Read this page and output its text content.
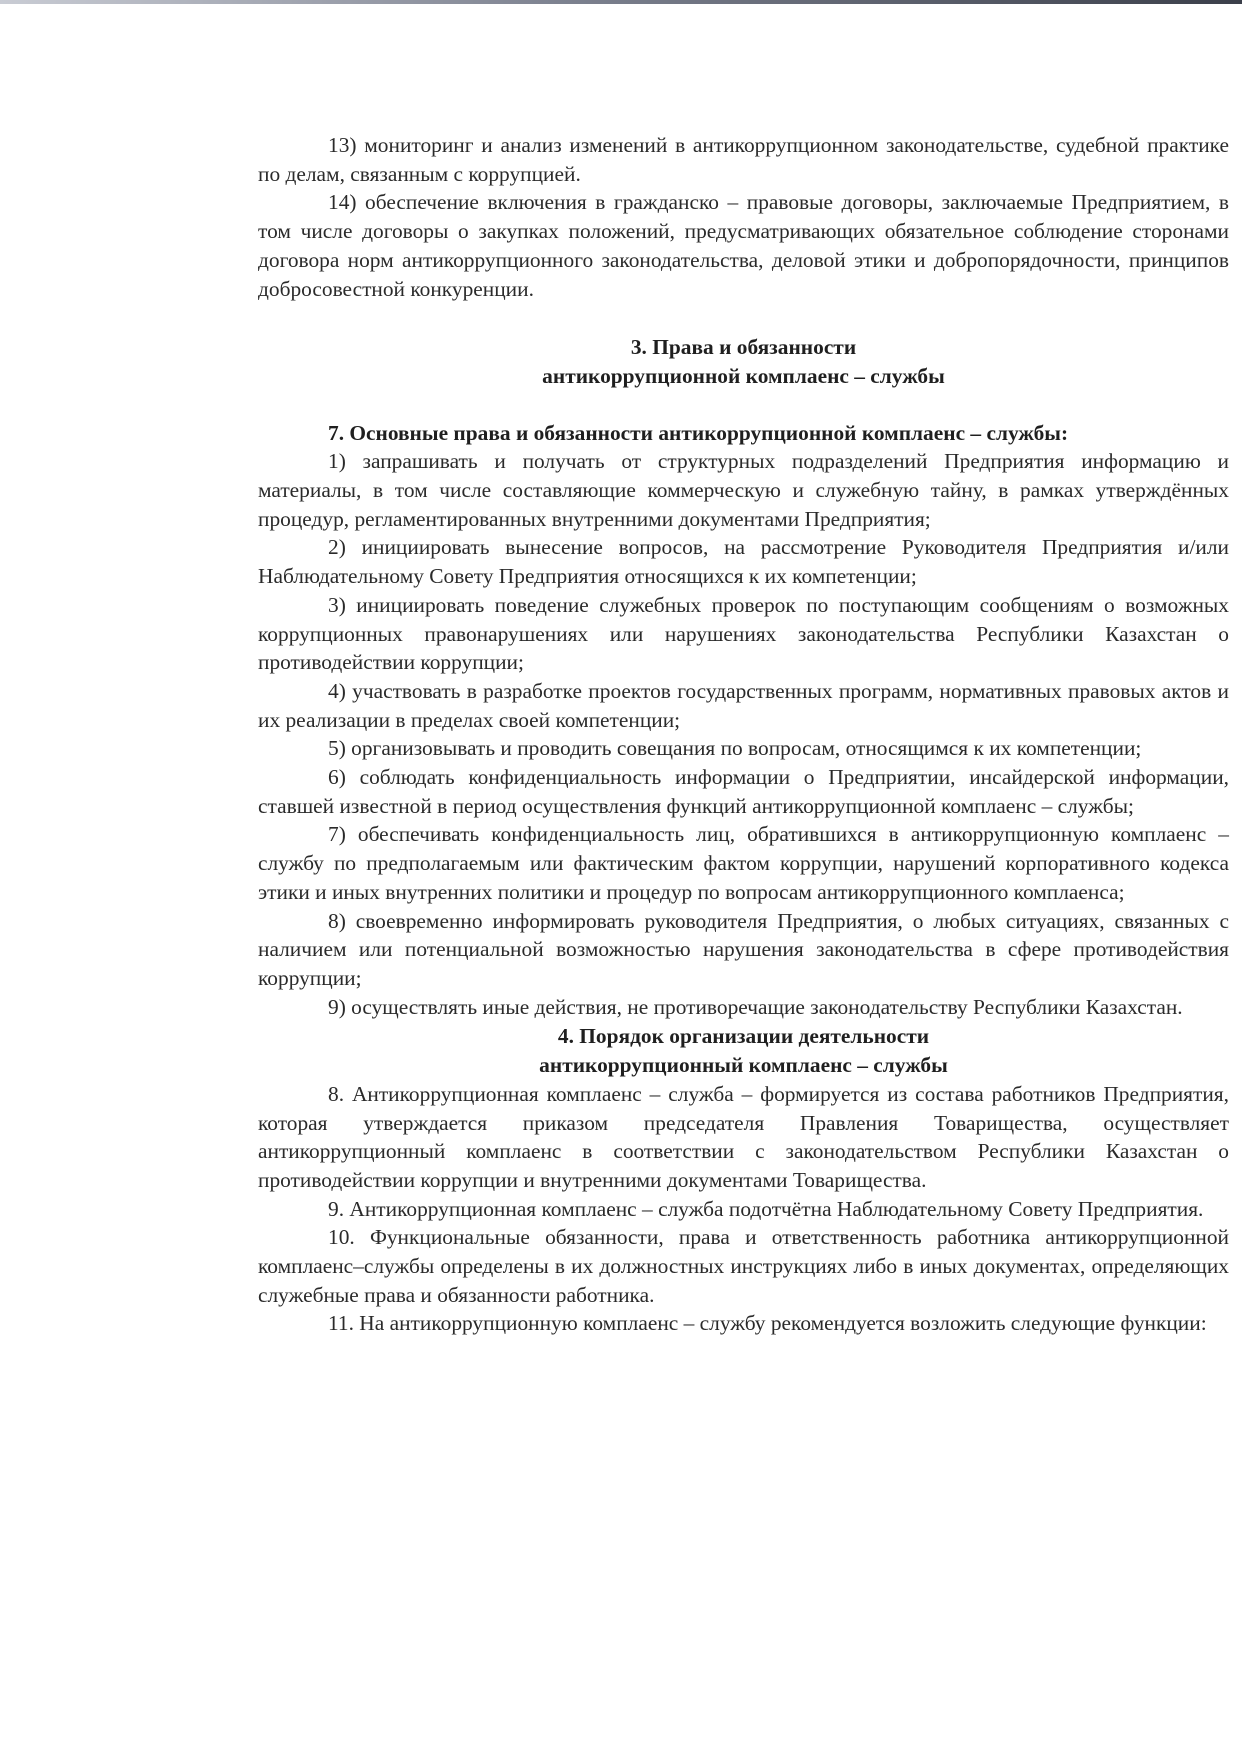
13) мониторинг и анализ изменений в антикоррупционном законодательстве, судебной практике по делам, связанным с коррупцией.

14) обеспечение включения в гражданско – правовые договоры, заключаемые Предприятием, в том числе договоры о закупках положений, предусматривающих обязательное соблюдение сторонами договора норм антикоррупционного законодательства, деловой этики и добропорядочности, принципов добросовестной конкуренции.

3. Права и обязанности

антикоррупционной комплаенс – службы

7. Основные права и обязанности антикоррупционной комплаенс – службы:

1) запрашивать и получать от структурных подразделений Предприятия информацию и материалы, в том числе составляющие коммерческую и служебную тайну, в рамках утверждённых процедур, регламентированных внутренними документами Предприятия;

2) инициировать вынесение вопросов, на рассмотрение Руководителя Предприятия и/или Наблюдательному Совету Предприятия относящихся к их компетенции;

3) инициировать поведение служебных проверок по поступающим сообщениям о возможных коррупционных правонарушениях или нарушениях законодательства Республики Казахстан о противодействии коррупции;

4) участвовать в разработке проектов государственных программ, нормативных правовых актов и их реализации в пределах своей компетенции;

5) организовывать и проводить совещания по вопросам, относящимся к их компетенции;

6) соблюдать конфиденциальность информации о Предприятии, инсайдерской информации, ставшей известной в период осуществления функций антикоррупционной комплаенс – службы;

7) обеспечивать конфиденциальность лиц, обратившихся в антикоррупционную комплаенс – службу по предполагаемым или фактическим фактом коррупции, нарушений корпоративного кодекса этики и иных внутренних политики и процедур по вопросам антикоррупционного комплаенса;

8) своевременно информировать руководителя Предприятия, о любых ситуациях, связанных с наличием или потенциальной возможностью нарушения законодательства в сфере противодействия коррупции;

9) осуществлять иные действия, не противоречащие законодательству Республики Казахстан.

4. Порядок организации деятельности

антикоррупционный комплаенс – службы

8. Антикоррупционная комплаенс – служба – формируется из состава работников Предприятия, которая утверждается приказом председателя Правления Товарищества, осуществляет антикоррупционный комплаенс в соответствии с законодательством Республики Казахстан о противодействии коррупции и внутренними документами Товарищества.

9. Антикоррупционная комплаенс – служба подотчётна Наблюдательному Совету Предприятия.

10. Функциональные обязанности, права и ответственность работника антикоррупционной комплаенс–службы определены в их должностных инструкциях либо в иных документах, определяющих служебные права и обязанности работника.

11. На антикоррупционную комплаенс – службу рекомендуется возложить следующие функции:
